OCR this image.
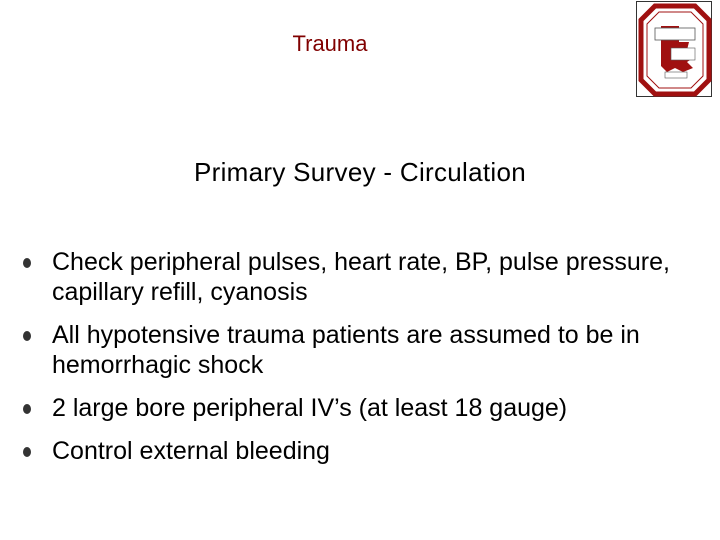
Trauma
Primary Survey - Circulation
Check peripheral pulses, heart rate, BP, pulse pressure, capillary refill, cyanosis
All hypotensive trauma patients are assumed to be in hemorrhagic shock
2 large bore peripheral IV’s (at least 18 gauge)
Control external bleeding
